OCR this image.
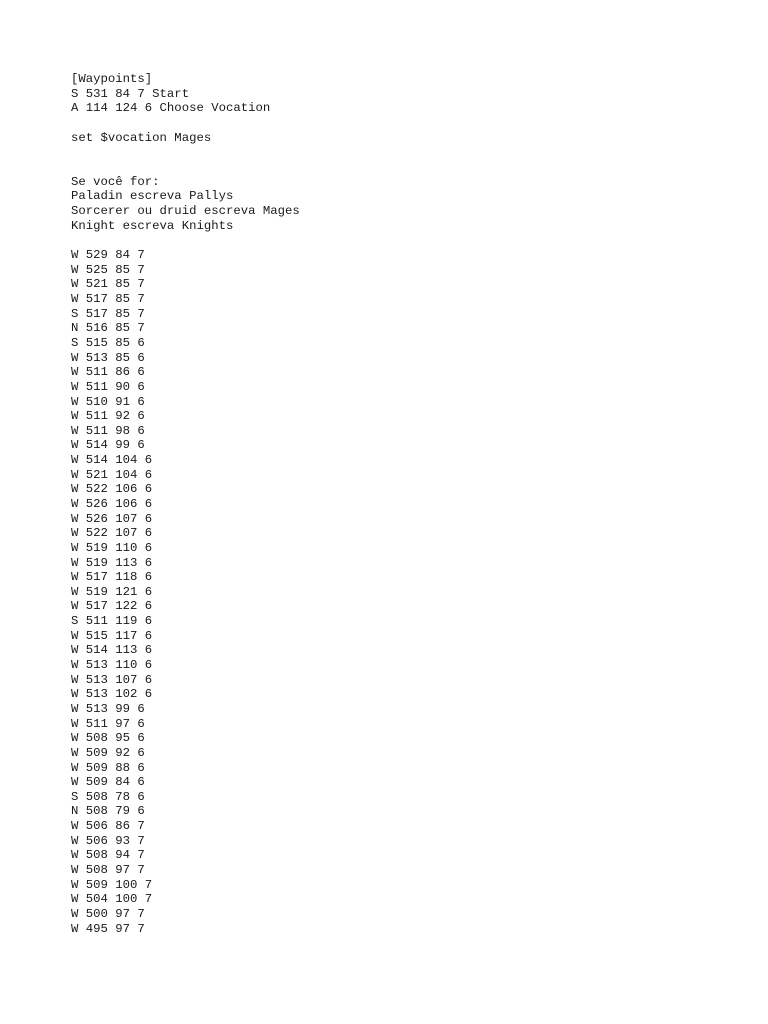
[Waypoints]
S 531 84 7 Start
A 114 124 6 Choose Vocation
set $vocation Mages
Se você for:
Paladin escreva Pallys
Sorcerer ou druid escreva Mages
Knight escreva Knights
W 529 84 7
W 525 85 7
W 521 85 7
W 517 85 7
S 517 85 7
N 516 85 7
S 515 85 6
W 513 85 6
W 511 86 6
W 511 90 6
W 510 91 6
W 511 92 6
W 511 98 6
W 514 99 6
W 514 104 6
W 521 104 6
W 522 106 6
W 526 106 6
W 526 107 6
W 522 107 6
W 519 110 6
W 519 113 6
W 517 118 6
W 519 121 6
W 517 122 6
S 511 119 6
W 515 117 6
W 514 113 6
W 513 110 6
W 513 107 6
W 513 102 6
W 513 99 6
W 511 97 6
W 508 95 6
W 509 92 6
W 509 88 6
W 509 84 6
S 508 78 6
N 508 79 6
W 506 86 7
W 506 93 7
W 508 94 7
W 508 97 7
W 509 100 7
W 504 100 7
W 500 97 7
W 495 97 7
